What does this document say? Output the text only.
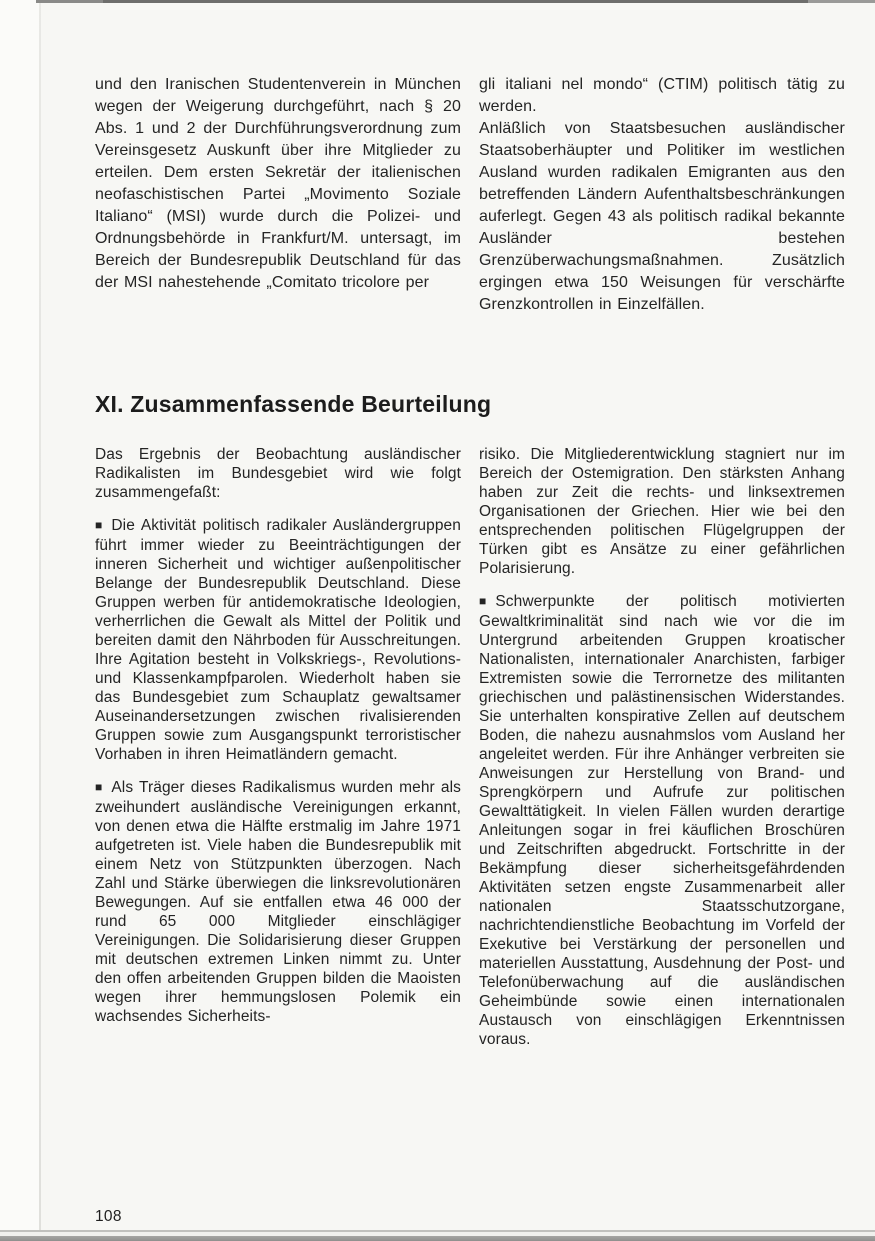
und den Iranischen Studentenverein in München wegen der Weigerung durchgeführt, nach § 20 Abs. 1 und 2 der Durchführungsverordnung zum Vereinsgesetz Auskunft über ihre Mitglieder zu erteilen. Dem ersten Sekretär der italienischen neofaschistischen Partei „Movimento Soziale Italiano“ (MSI) wurde durch die Polizei- und Ordnungsbehörde in Frankfurt/M. untersagt, im Bereich der Bundesrepublik Deutschland für das der MSI nahestehende „Comitato tricolore per

gli italiani nel mondo“ (CTIM) politisch tätig zu werden.

Anläßlich von Staatsbesuchen ausländischer Staatsoberhäupter und Politiker im westlichen Ausland wurden radikalen Emigranten aus den betreffenden Ländern Aufenthaltsbeschränkungen auferlegt. Gegen 43 als politisch radikal bekannte Ausländer bestehen Grenzüberwachungsmaßnahmen. Zusätzlich ergingen etwa 150 Weisungen für verschärfte Grenzkontrollen in Einzelfällen.

XI. Zusammenfassende Beurteilung

Das Ergebnis der Beobachtung ausländischer Radikalisten im Bundesgebiet wird wie folgt zusammengefaßt:

■ Die Aktivität politisch radikaler Ausländergruppen führt immer wieder zu Beeinträchtigungen der inneren Sicherheit und wichtiger außenpolitischer Belange der Bundesrepublik Deutschland. Diese Gruppen werben für antidemokratische Ideologien, verherrlichen die Gewalt als Mittel der Politik und bereiten damit den Nährboden für Ausschreitungen. Ihre Agitation besteht in Volkskriegs-, Revolutions- und Klassenkampfparolen. Wiederholt haben sie das Bundesgebiet zum Schauplatz gewaltsamer Auseinandersetzungen zwischen rivalisierenden Gruppen sowie zum Ausgangspunkt terroristischer Vorhaben in ihren Heimatländern gemacht.

■ Als Träger dieses Radikalismus wurden mehr als zweihundert ausländische Vereinigungen erkannt, von denen etwa die Hälfte erstmalig im Jahre 1971 aufgetreten ist. Viele haben die Bundesrepublik mit einem Netz von Stützpunkten überzogen. Nach Zahl und Stärke überwiegen die linksrevolutionären Bewegungen. Auf sie entfallen etwa 46 000 der rund 65 000 Mitglieder einschlägiger Vereinigungen. Die Solidarisierung dieser Gruppen mit deutschen extremen Linken nimmt zu. Unter den offen arbeitenden Gruppen bilden die Maoisten wegen ihrer hemmungslosen Polemik ein wachsendes Sicherheits-

risiko. Die Mitgliederentwicklung stagniert nur im Bereich der Ostemigration. Den stärksten Anhang haben zur Zeit die rechts- und linksextremen Organisationen der Griechen. Hier wie bei den entsprechenden politischen Flügelgruppen der Türken gibt es Ansätze zu einer gefährlichen Polarisierung.

■ Schwerpunkte der politisch motivierten Gewaltkriminalität sind nach wie vor die im Untergrund arbeitenden Gruppen kroatischer Nationalisten, internationaler Anarchisten, farbiger Extremisten sowie die Terrornetze des militanten griechischen und palästinensischen Widerstandes. Sie unterhalten konspirative Zellen auf deutschem Boden, die nahezu ausnahmslos vom Ausland her angeleitet werden. Für ihre Anhänger verbreiten sie Anweisungen zur Herstellung von Brand- und Sprengkörpern und Aufrufe zur politischen Gewalttätigkeit. In vielen Fällen wurden derartige Anleitungen sogar in frei käuflichen Broschüren und Zeitschriften abgedruckt. Fortschritte in der Bekämpfung dieser sicherheitsgefährdenden Aktivitäten setzen engste Zusammenarbeit aller nationalen Staatsschutzorgane, nachrichtendienstliche Beobachtung im Vorfeld der Exekutive bei Verstärkung der personellen und materiellen Ausstattung, Ausdehnung der Post- und Telefonüberwachung auf die ausländischen Geheimbünde sowie einen internationalen Austausch von einschlägigen Erkenntnissen voraus.

108
